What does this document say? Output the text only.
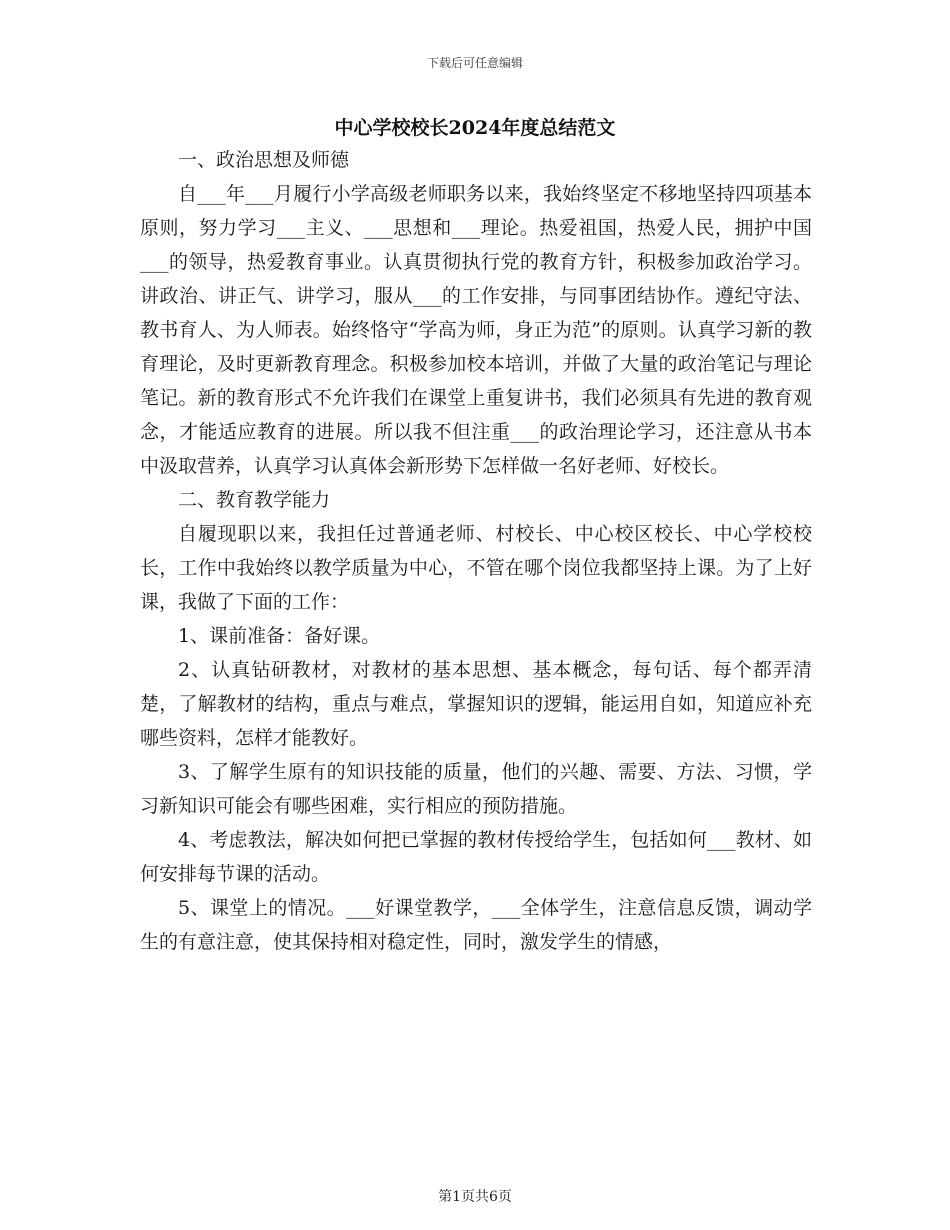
下载后可任意编辑
中心学校校长2024年度总结范文

一、政治思想及师德

自___年___月履行小学高级老师职务以来，我始终坚定不移地坚持四项基本原则，努力学习___主义、___思想和___理论。热爱祖国，热爱人民，拥护中国___的领导，热爱教育事业。认真贯彻执行党的教育方针，积极参加政治学习。讲政治、讲正气、讲学习，服从___的工作安排，与同事团结协作。遵纪守法、教书育人、为人师表。始终恪守“学高为师，身正为范”的原则。认真学习新的教育理论，及时更新教育理念。积极参加校本培训，并做了大量的政治笔记与理论笔记。新的教育形式不允许我们在课堂上重复讲书，我们必须具有先进的教育观念，才能适应教育的进展。所以我不但注重___的政治理论学习，还注意从书本中汲取营养，认真学习认真体会新形势下怎样做一名好老师、好校长。

二、教育教学能力

自履现职以来，我担任过普通老师、村校长、中心校区校长、中心学校校长，工作中我始终以教学质量为中心，不管在哪个岗位我都坚持上课。为了上好课，我做了下面的工作：

1、课前准备：备好课。

2、认真钻研教材，对教材的基本思想、基本概念，每句话、每个都弄清楚，了解教材的结构，重点与难点，掌握知识的逻辑，能运用自如，知道应补充哪些资料，怎样才能教好。

3、了解学生原有的知识技能的质量，他们的兴趣、需要、方法、习惯，学习新知识可能会有哪些困难，实行相应的预防措施。

4、考虑教法，解决如何把已掌握的教材传授给学生，包括如何___教材、如何安排每节课的活动。

5、课堂上的情况。___好课堂教学，___全体学生，注意信息反馈，调动学生的有意注意，使其保持相对稳定性，同时，激发学生的情感，

第1页共6页
